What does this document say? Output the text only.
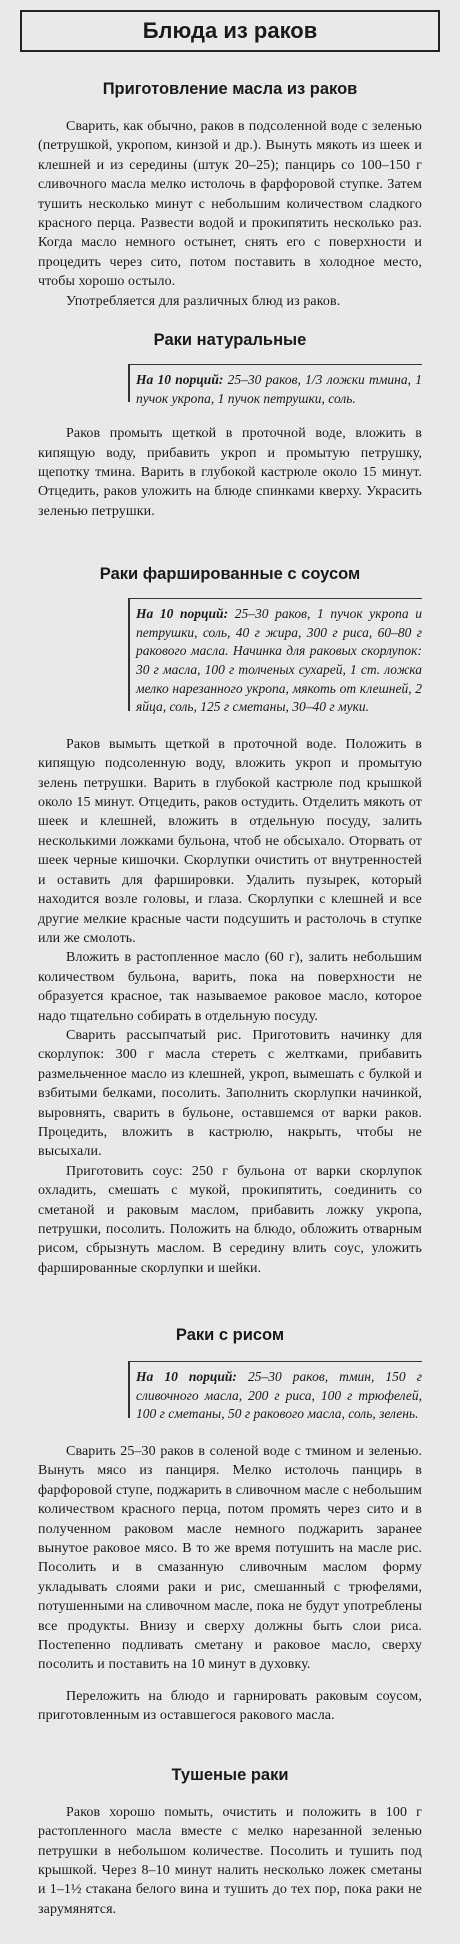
Блюда из раков
Приготовление масла из раков

Сварить, как обычно, раков в подсоленной воде с зеленью (петрушкой, укропом, кинзой и др.). Вынуть мякоть из шеек и клешней и из середины (штук 20–25); панцирь со 100–150 г сливочного масла мелко истолочь в фарфоровой ступке. Затем тушить несколько минут с небольшим количеством сладкого красного перца. Развести водой и прокипятить несколько раз. Когда масло немного остынет, снять его с поверхности и процедить через сито, потом поставить в холодное место, чтобы хорошо остыло.

Употребляется для различных блюд из раков.

Раки натуральные
На 10 порций: 25–30 раков, 1/3 ложки тмина, 1 пучок укропа, 1 пучок петрушки, соль.

Раков промыть щеткой в проточной воде, вложить в кипящую воду, прибавить укроп и промытую петрушку, щепотку тмина. Варить в глубокой кастрюле около 15 минут. Отцедить, раков уложить на блюде спинками кверху. Украсить зеленью петрушки.

Раки фаршированные с соусом
На 10 порций: 25–30 раков, 1 пучок укропа и петрушки, соль, 40 г жира, 300 г риса, 60–80 г ракового масла. Начинка для раковых скорлупок: 30 г масла, 100 г толченых сухарей, 1 ст. ложка мелко нарезанного укропа, мякоть от клешней, 2 яйца, соль, 125 г сметаны, 30–40 г муки.

Раков вымыть щеткой в проточной воде. Положить в кипящую подсоленную воду, вложить укроп и промытую зелень петрушки. Варить в глубокой кастрюле под крышкой около 15 минут. Отцедить, раков остудить. Отделить мякоть от шеек и клешней, вложить в отдельную посуду, залить несколькими ложками бульона, чтоб не обсыхало. Оторвать от шеек черные кишочки. Скорлупки очистить от внутренностей и оставить для фаршировки. Удалить пузырек, который находится возле головы, и глаза. Скорлупки с клешней и все другие мелкие красные части подсушить и растолочь в ступке или же смолоть.

Вложить в растопленное масло (60 г), залить небольшим количеством бульона, варить, пока на поверхности не образуется красное, так называемое раковое масло, которое надо тщательно собирать в отдельную посуду.

Сварить рассыпчатый рис. Приготовить начинку для скорлупок: 300 г масла стереть с желтками, прибавить размельченное масло из клешней, укроп, вымешать с булкой и взбитыми белками, посолить. Заполнить скорлупки начинкой, выровнять, сварить в бульоне, оставшемся от варки раков. Процедить, вложить в кастрюлю, накрыть, чтобы не высыхали.

Приготовить соус: 250 г бульона от варки скорлупок охладить, смешать с мукой, прокипятить, соединить со сметаной и раковым маслом, прибавить ложку укропа, петрушки, посолить. Положить на блюдо, обложить отварным рисом, сбрызнуть маслом. В середину влить соус, уложить фаршированные скорлупки и шейки.

Раки с рисом
На 10 порций: 25–30 раков, тмин, 150 г сливочного масла, 200 г риса, 100 г трюфелей, 100 г сметаны, 50 г ракового масла, соль, зелень.

Сварить 25–30 раков в соленой воде с тмином и зеленью. Вынуть мясо из панциря. Мелко истолочь панцирь в фарфоровой ступе, поджарить в сливочном масле с небольшим количеством красного перца, потом промять через сито и в полученном раковом масле немного поджарить заранее вынутое раковое мясо. В то же время потушить на масле рис. Посолить и в смазанную сливочным маслом форму укладывать слоями раки и рис, смешанный с трюфелями, потушенными на сливочном масле, пока не будут употреблены все продукты. Внизу и сверху должны быть слои риса. Постепенно подливать сметану и раковое масло, сверху посолить и поставить на 10 минут в духовку.

Переложить на блюдо и гарнировать раковым соусом, приготовленным из оставшегося ракового масла.

Тушеные раки

Раков хорошо помыть, очистить и положить в 100 г растопленного масла вместе с мелко нарезанной зеленью петрушки в небольшом количестве. Посолить и тушить под крышкой. Через 8–10 минут налить несколько ложек сметаны и 1–1½ стакана белого вина и тушить до тех пор, пока раки не зарумянятся.
